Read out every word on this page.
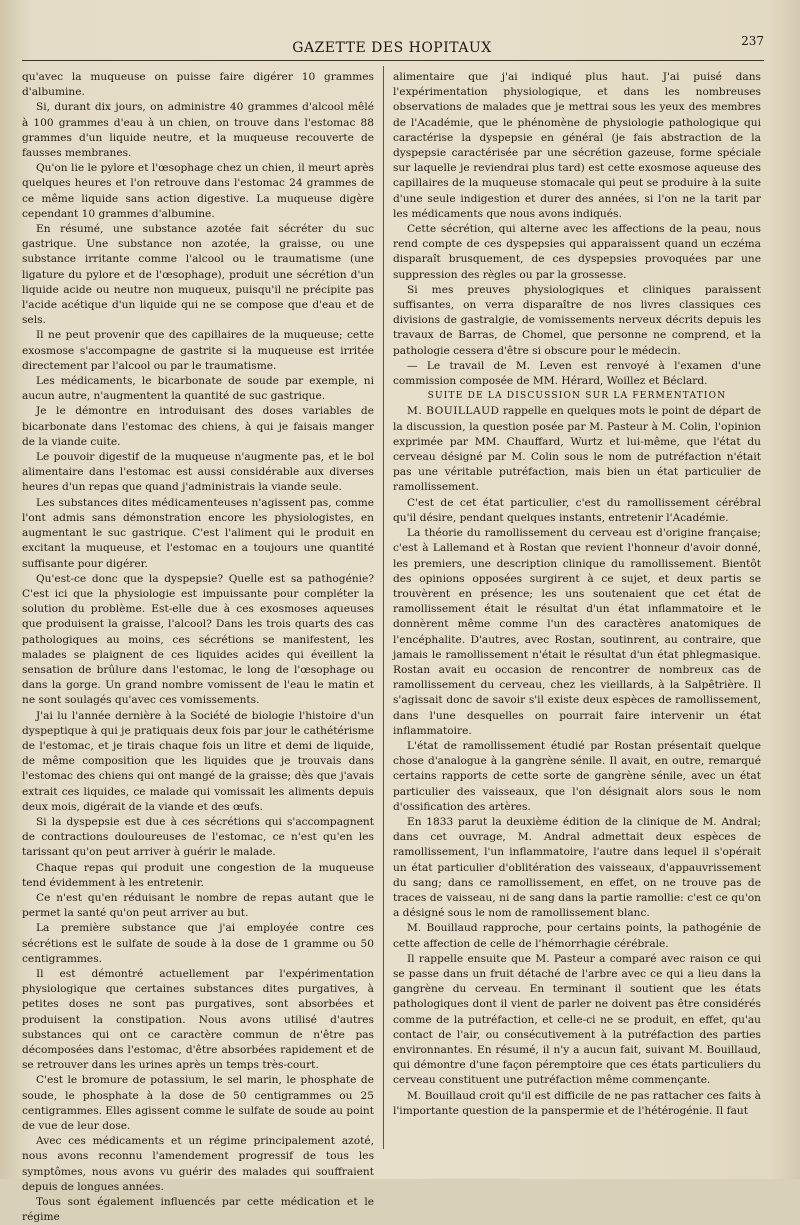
GAZETTE DES HOPITAUX	237

qu'avec la muqueuse on puisse faire digérer 10 grammes d'albumine.

Si, durant dix jours, on administre 40 grammes d'alcool mêlé à 100 grammes d'eau à un chien, on trouve dans l'estomac 88 grammes d'un liquide neutre, et la muqueuse recouverte de fausses membranes.

Qu'on lie le pylore et l'œsophage chez un chien, il meurt après quelques heures et l'on retrouve dans l'estomac 24 grammes de ce même liquide sans action digestive. La muqueuse digère cependant 10 grammes d'albumine.

En résumé, une substance azotée fait sécréter du suc gastrique. Une substance non azotée, la graisse, ou une substance irritante comme l'alcool ou le traumatisme (une ligature du pylore et de l'œsophage), produit une sécrétion d'un liquide acide ou neutre non muqueux, puisqu'il ne précipite pas l'acide acétique d'un liquide qui ne se compose que d'eau et de sels.

Il ne peut provenir que des capillaires de la muqueuse; cette exosmose s'accompagne de gastrite si la muqueuse est irritée directement par l'alcool ou par le traumatisme.

Les médicaments, le bicarbonate de soude par exemple, ni aucun autre, n'augmentent la quantité de suc gastrique.

Je le démontre en introduisant des doses variables de bicarbonate dans l'estomac des chiens, à qui je faisais manger de la viande cuite.

Le pouvoir digestif de la muqueuse n'augmente pas, et le bol alimentaire dans l'estomac est aussi considérable aux diverses heures d'un repas que quand j'administrais la viande seule.

Les substances dites médicamenteuses n'agissent pas, comme l'ont admis sans démonstration encore les physiologistes, en augmentant le suc gastrique. C'est l'aliment qui le produit en excitant la muqueuse, et l'estomac en a toujours une quantité suffisante pour digérer.

Qu'est-ce donc que la dyspepsie? Quelle est sa pathogénie? C'est ici que la physiologie est impuissante pour compléter la solution du problème. Est-elle due à ces exosmoses aqueuses que produisent la graisse, l'alcool? Dans les trois quarts des cas pathologiques au moins, ces sécrétions se manifestent, les malades se plaignent de ces liquides acides qui éveillent la sensation de brûlure dans l'estomac, le long de l'œsophage ou dans la gorge. Un grand nombre vomissent de l'eau le matin et ne sont soulagés qu'avec ces vomissements.

J'ai lu l'année dernière à la Société de biologie l'histoire d'un dyspeptique à qui je pratiquais deux fois par jour le cathétérisme de l'estomac, et je tirais chaque fois un litre et demi de liquide, de même composition que les liquides que je trouvais dans l'estomac des chiens qui ont mangé de la graisse; dès que j'avais extrait ces liquides, ce malade qui vomissait les aliments depuis deux mois, digérait de la viande et des œufs.

Si la dyspepsie est due à ces sécrétions qui s'accompagnent de contractions douloureuses de l'estomac, ce n'est qu'en les tarissant qu'on peut arriver à guérir le malade.

Chaque repas qui produit une congestion de la muqueuse tend évidemment à les entretenir.

Ce n'est qu'en réduisant le nombre de repas autant que le permet la santé qu'on peut arriver au but.

La première substance que j'ai employée contre ces sécrétions est le sulfate de soude à la dose de 1 gramme ou 50 centigrammes.

Il est démontré actuellement par l'expérimentation physiologique que certaines substances dites purgatives, à petites doses ne sont pas purgatives, sont absorbées et produisent la constipation. Nous avons utilisé d'autres substances qui ont ce caractère commun de n'être pas décomposées dans l'estomac, d'être absorbées rapidement et de se retrouver dans les urines après un temps très-court.

C'est le bromure de potassium, le sel marin, le phosphate de soude, le phosphate à la dose de 50 centigrammes ou 25 centigrammes. Elles agissent comme le sulfate de soude au point de vue de leur dose.

Avec ces médicaments et un régime principalement azoté, nous avons reconnu l'amendement progressif de tous les symptômes, nous avons vu guérir des malades qui souffraient depuis de longues années.

Tous sont également influencés par cette médication et le régime

alimentaire que j'ai indiqué plus haut. J'ai puisé dans l'expérimentation physiologique, et dans les nombreuses observations de malades que je mettrai sous les yeux des membres de l'Académie, que le phénomène de physiologie pathologique qui caractérise la dyspepsie en général (je fais abstraction de la dyspepsie caractérisée par une sécrétion gazeuse, forme spéciale sur laquelle je reviendrai plus tard) est cette exosmose aqueuse des capillaires de la muqueuse stomacale qui peut se produire à la suite d'une seule indigestion et durer des années, si l'on ne la tarit par les médicaments que nous avons indiqués.

Cette sécrétion, qui alterne avec les affections de la peau, nous rend compte de ces dyspepsies qui apparaissent quand un eczéma disparaît brusquement, de ces dyspepsies provoquées par une suppression des règles ou par la grossesse.

Si mes preuves physiologiques et cliniques paraissent suffisantes, on verra disparaître de nos livres classiques ces divisions de gastralgie, de vomissements nerveux décrits depuis les travaux de Barras, de Chomel, que personne ne comprend, et la pathologie cessera d'être si obscure pour le médecin.

— Le travail de M. Leven est renvoyé à l'examen d'une commission composée de MM. Hérard, Woillez et Béclard.

SUITE DE LA DISCUSSION SUR LA FERMENTATION

M. BOUILLAUD rappelle en quelques mots le point de départ de la discussion, la question posée par M. Pasteur à M. Colin, l'opinion exprimée par MM. Chauffard, Wurtz et lui-même, que l'état du cerveau désigné par M. Colin sous le nom de putréfaction n'était pas une véritable putréfaction, mais bien un état particulier de ramollissement.

C'est de cet état particulier, c'est du ramollissement cérébral qu'il désire, pendant quelques instants, entretenir l'Académie.

La théorie du ramollissement du cerveau est d'origine française; c'est à Lallemand et à Rostan que revient l'honneur d'avoir donné, les premiers, une description clinique du ramollissement. Bientôt des opinions opposées surgirent à ce sujet, et deux partis se trouvèrent en présence; les uns soutenaient que cet état de ramollissement était le résultat d'un état inflammatoire et le donnèrent même comme l'un des caractères anatomiques de l'encéphalite. D'autres, avec Rostan, soutinrent, au contraire, que jamais le ramollissement n'était le résultat d'un état phlegmasique. Rostan avait eu occasion de rencontrer de nombreux cas de ramollissement du cerveau, chez les vieillards, à la Salpêtrière. Il s'agissait donc de savoir s'il existe deux espèces de ramollissement, dans l'une desquelles on pourrait faire intervenir un état inflammatoire.

L'état de ramollissement étudié par Rostan présentait quelque chose d'analogue à la gangrène sénile. Il avait, en outre, remarqué certains rapports de cette sorte de gangrène sénile, avec un état particulier des vaisseaux, que l'on désignait alors sous le nom d'ossification des artères.

En 1833 parut la deuxième édition de la clinique de M. Andral; dans cet ouvrage, M. Andral admettait deux espèces de ramollissement, l'un inflammatoire, l'autre dans lequel il s'opérait un état particulier d'oblitération des vaisseaux, d'appauvrissement du sang; dans ce ramollissement, en effet, on ne trouve pas de traces de vaisseau, ni de sang dans la partie ramollie: c'est ce qu'on a désigné sous le nom de ramollissement blanc.

M. Bouillaud rapproche, pour certains points, la pathogénie de cette affection de celle de l'hémorrhagie cérébrale.

Il rappelle ensuite que M. Pasteur a comparé avec raison ce qui se passe dans un fruit détaché de l'arbre avec ce qui a lieu dans la gangrène du cerveau. En terminant il soutient que les états pathologiques dont il vient de parler ne doivent pas être considérés comme de la putréfaction, et celle-ci ne se produit, en effet, qu'au contact de l'air, ou consécutivement à la putréfaction des parties environnantes. En résumé, il n'y a aucun fait, suivant M. Bouillaud, qui démontre d'une façon péremptoire que ces états particuliers du cerveau constituent une putréfaction même commençante.

M. Bouillaud croit qu'il est difficile de ne pas rattacher ces faits à l'importante question de la panspermie et de l'hétérogénie. Il faut
